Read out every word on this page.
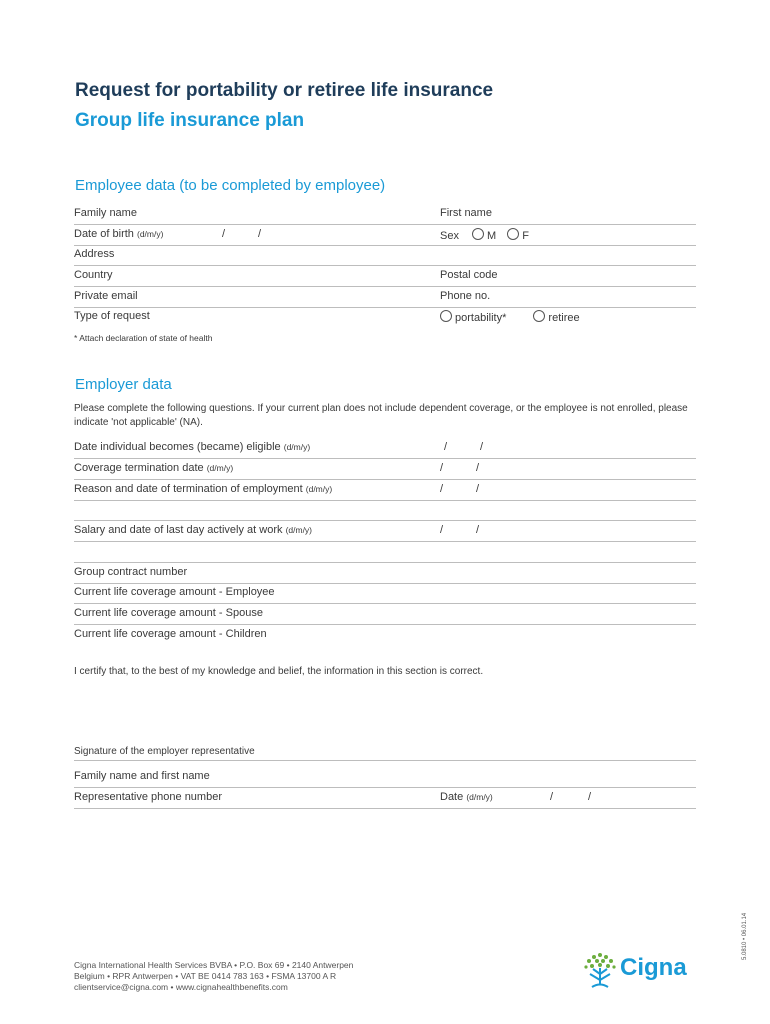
Request for portability or retiree life insurance
Group life insurance plan
Employee data (to be completed by employee)
Family name	First name
Date of birth (d/m/y)	/	/	Sex	M F
Address
Country	Postal code
Private email	Phone no.
Type of request	portability*	retiree
* Attach declaration of state of health
Employer data
Please complete the following questions. If your current plan does not include dependent coverage, or the employee is not enrolled, please indicate 'not applicable' (NA).
Date individual becomes (became) eligible (d/m/y)	/	/
Coverage termination date (d/m/y)	/	/
Reason and date of termination of employment (d/m/y)	/	/
Salary and date of last day actively at work (d/m/y)	/	/
Group contract number
Current life coverage amount - Employee
Current life coverage amount - Spouse
Current life coverage amount - Children
I certify that, to the best of my knowledge and belief, the information in this section is correct.
Signature of the employer representative
Family name and first name
Representative phone number	Date (d/m/y)	/	/
Cigna International Health Services BVBA • P.O. Box 69 • 2140 Antwerpen
Belgium • RPR Antwerpen • VAT BE 0414 783 163 • FSMA 13700 A R
clientservice@cigna.com • www.cignahealthbenefits.com
Cigna
5.0810 • 06.01.14
